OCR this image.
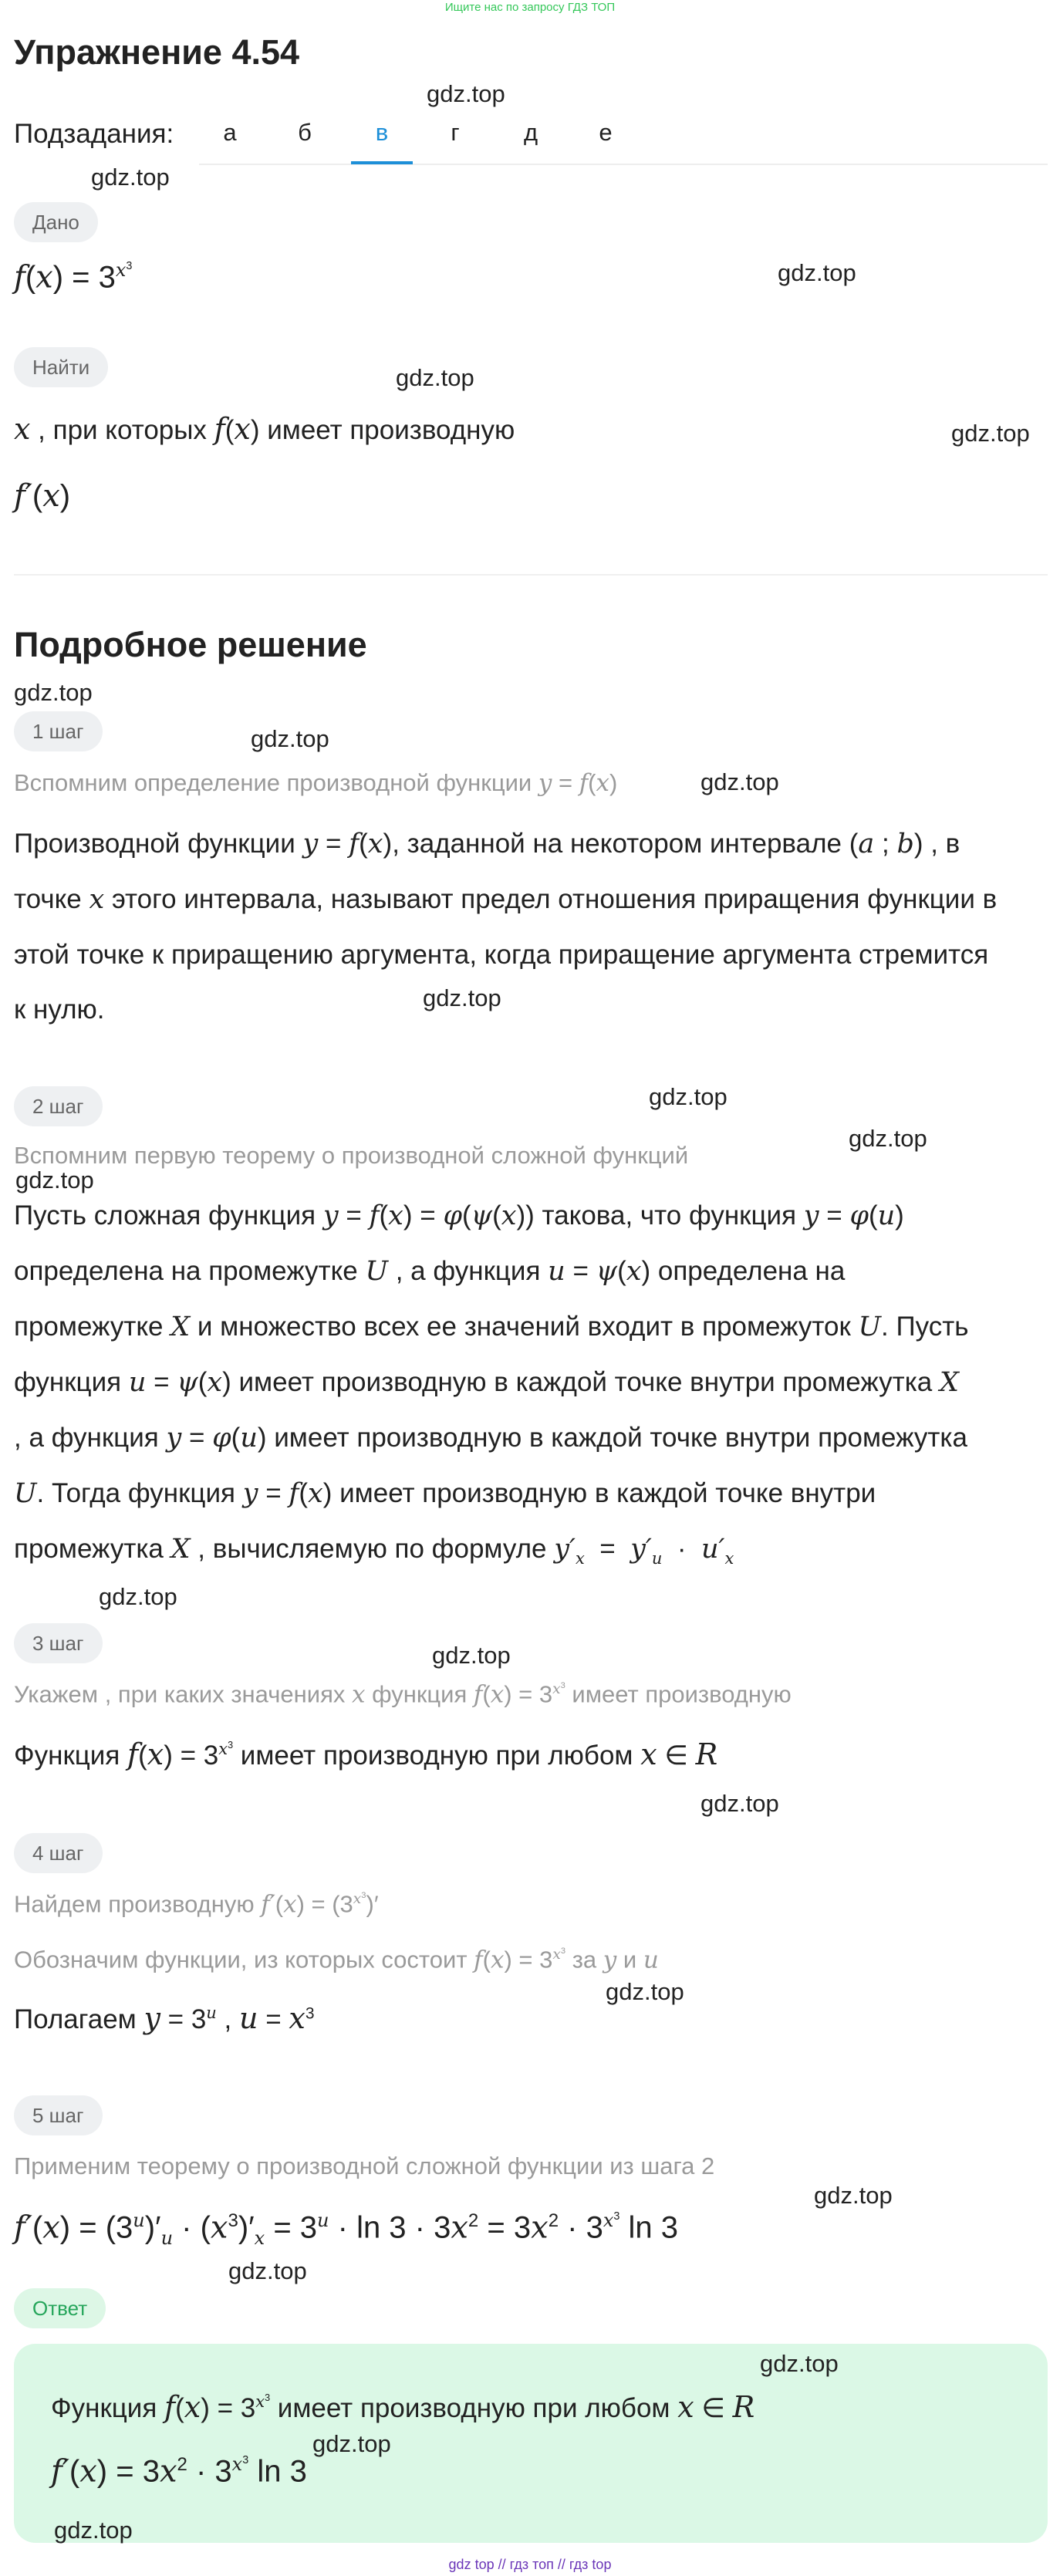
Ищите нас по запросу ГДЗ ТОП
Упражнение 4.54
Подзадания:	а	б	в	г	д	е
Дано
$f(x) = 3^{x^3}$
Найти
x , при которых f(x) имеет производную
f′(x)
Подробное решение
1 шаг
Вспомним определение производной функции y = f(x)
Производной функции y = f(x), заданной на некотором интервале (a ; b) , в
точке x этого интервала, называют предел отношения приращения функции в
этой точке к приращению аргумента, когда приращение аргумента стремится
к нулю.
2 шаг
Вспомним первую теорему о производной сложной функций
Пусть сложная функция y = f(x) = φ(ψ(x)) такова, что функция y = φ(u)
определена на промежутке U , а функция u = ψ(x) определена на
промежутке X и множество всех ее значений входит в промежуток U. Пусть
функция u = ψ(x) имеет производную в каждой точке внутри промежутка X
, а функция y = φ(u) имеет производную в каждой точке внутри промежутка
U. Тогда функция y = f(x) имеет производную в каждой точке внутри
промежутка X , вычисляемую по формуле $y'_x = y'_u \cdot u'_x$
3 шаг
Укажем , при каких значениях x функция $f(x) = 3^{x^3}$ имеет производную
Функция $f(x) = 3^{x^3}$ имеет производную при любом x ∈ R
4 шаг
Найдем производную $f'(x) = (3^{x^3})'$
Обозначим функции, из которых состоит $f(x) = 3^{x^3}$ за y и u
Полагаем $y = 3^u$ , $u = x^3$
5 шаг
Применим теорему о производной сложной функции из шага 2
$f'(x) = (3^u)'_u \cdot (x^3)'_x = 3^u \cdot \ln 3 \cdot 3x^2 = 3x^2 \cdot 3^{x^3}$ ln 3
Ответ
Функция $f(x) = 3^{x^3}$ имеет производную при любом x ∈ R
$f'(x) = 3x^2 \cdot 3^{x^3}$ ln 3
gdz.top
gdz.top
gdz.top
gdz.top
gdz.top
gdz.top
gdz.top
gdz.top
gdz.top
gdz.top
gdz.top
gdz.top
gdz.top
gdz.top
gdz.top
gdz.top
gdz.top
gdz.top
gdz.top
gdz.top
gdz.top
gdz top // гдз топ // гдз top
